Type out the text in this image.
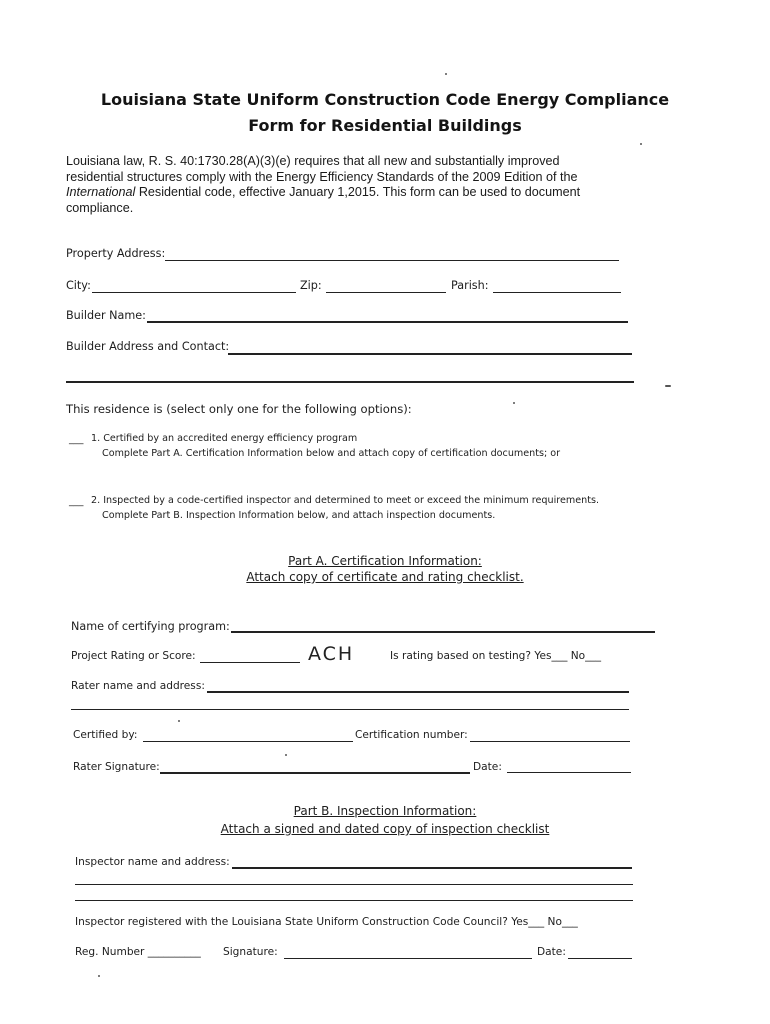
Louisiana State Uniform Construction Code Energy Compliance
Form for Residential Buildings
Louisiana law, R. S. 40:1730.28(A)(3)(e) requires that all new and substantially improved
residential structures comply with the Energy Efficiency Standards of the 2009 Edition of the
International Residential code, effective January 1,2015. This form can be used to document
compliance.
Property Address:
City:	Zip:	Parish:
Builder Name:
Builder Address and Contact:
This residence is (select only one for the following options):
___ 1. Certified by an accredited energy efficiency program
Complete Part A. Certification Information below and attach copy of certification documents; or
___ 2. Inspected by a code-certified inspector and determined to meet or exceed the minimum requirements.
Complete Part B. Inspection Information below, and attach inspection documents.
Part A. Certification Information:
Attach copy of certificate and rating checklist.
Name of certifying program:
Project Rating or Score:	ACH	Is rating based on testing? Yes___ No___
Rater name and address:
Certified by:	Certification number:
Rater Signature:	Date:
Part B. Inspection Information:
Attach a signed and dated copy of inspection checklist
Inspector name and address:
Inspector registered with the Louisiana State Uniform Construction Code Council? Yes___ No___
Reg. Number __________ Signature:	Date:
